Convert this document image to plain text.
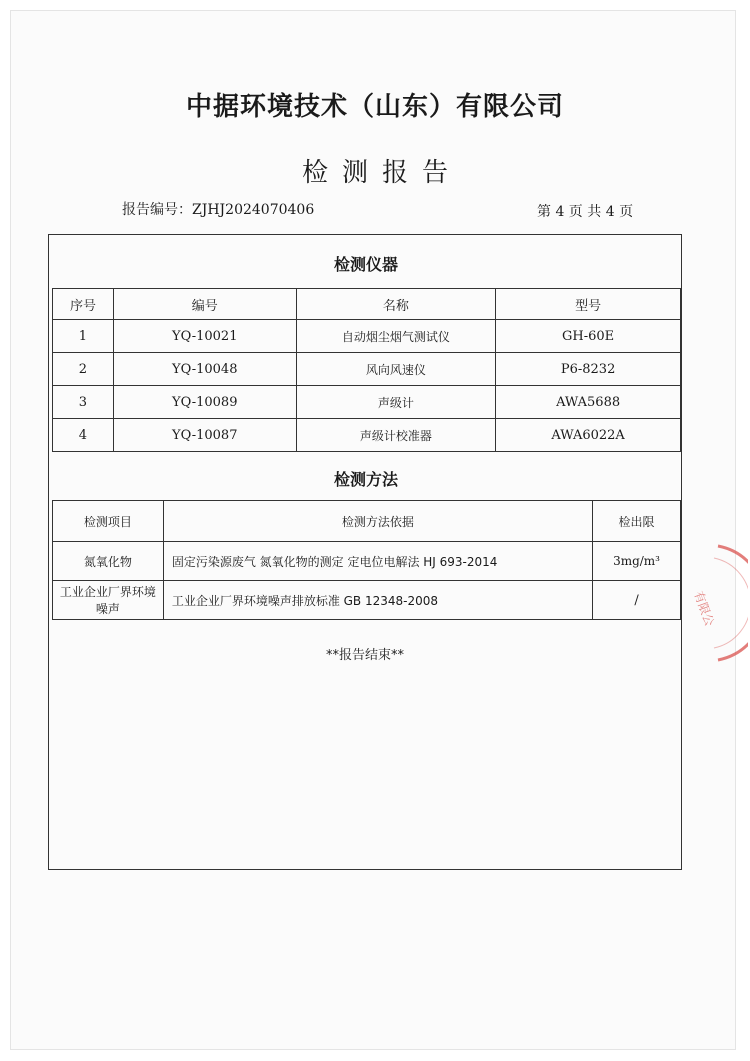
中据环境技术（山东）有限公司
检测报告
报告编号：ZJHJ2024070406	第 4 页 共 4 页
检测仪器
序号	编号	名称	型号
1	YQ-10021	自动烟尘烟气测试仪	GH-60E
2	YQ-10048	风向风速仪	P6-8232
3	YQ-10089	声级计	AWA5688
4	YQ-10087	声级计校准器	AWA6022A
检测方法
检测项目	检测方法依据	检出限
氮氧化物	固定污染源废气 氮氧化物的测定 定电位电解法 HJ 693-2014	3mg/m³
工业企业厂界环境噪声	工业企业厂界环境噪声排放标准 GB 12348-2008	/
**报告结束**
有限公
